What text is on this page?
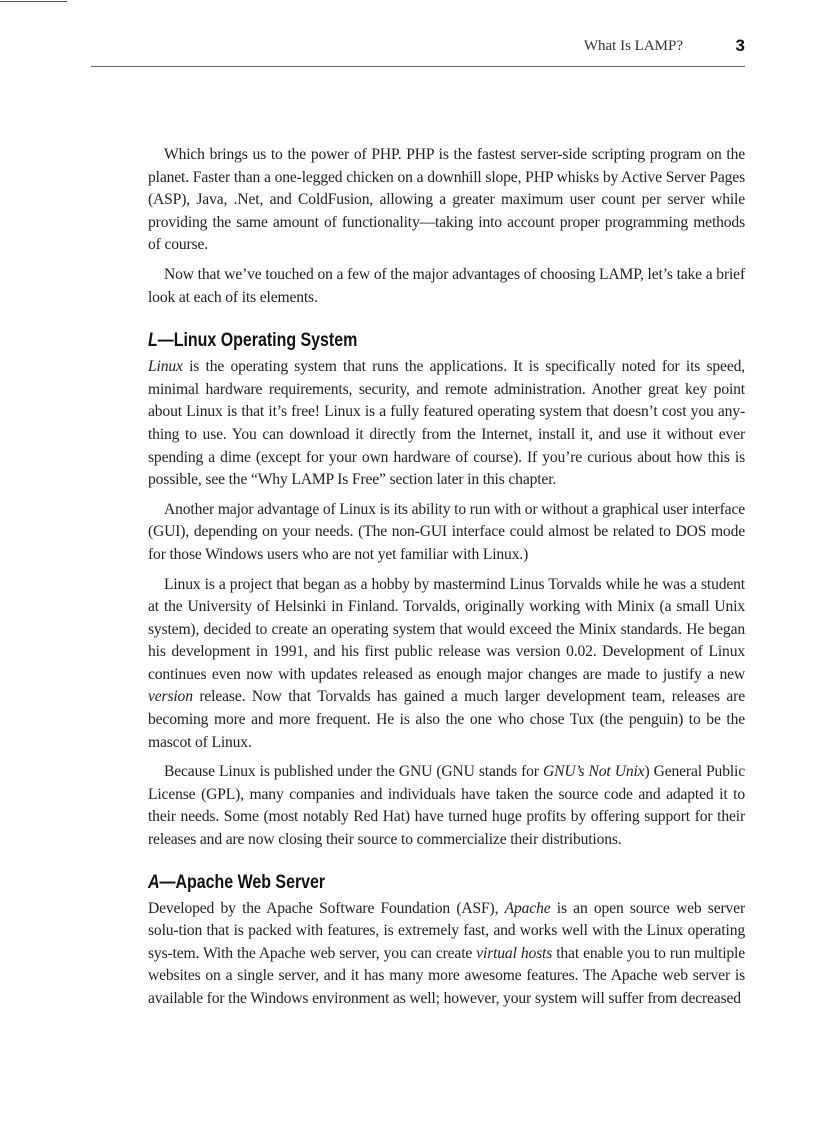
What Is LAMP?	3

Which brings us to the power of PHP. PHP is the fastest server-side scripting program on the planet. Faster than a one-legged chicken on a downhill slope, PHP whisks by Active Server Pages (ASP), Java, .Net, and ColdFusion, allowing a greater maximum user count per server while providing the same amount of functionality—taking into account proper programming methods of course.

Now that we’ve touched on a few of the major advantages of choosing LAMP, let’s take a brief look at each of its elements.

L—Linux Operating System

Linux is the operating system that runs the applications. It is specifically noted for its speed, minimal hardware requirements, security, and remote administration. Another great key point about Linux is that it’s free! Linux is a fully featured operating system that doesn’t cost you any-thing to use. You can download it directly from the Internet, install it, and use it without ever spending a dime (except for your own hardware of course). If you’re curious about how this is possible, see the “Why LAMP Is Free” section later in this chapter.

Another major advantage of Linux is its ability to run with or without a graphical user interface (GUI), depending on your needs. (The non-GUI interface could almost be related to DOS mode for those Windows users who are not yet familiar with Linux.)

Linux is a project that began as a hobby by mastermind Linus Torvalds while he was a student at the University of Helsinki in Finland. Torvalds, originally working with Minix (a small Unix system), decided to create an operating system that would exceed the Minix standards. He began his development in 1991, and his first public release was version 0.02. Development of Linux continues even now with updates released as enough major changes are made to justify a new version release. Now that Torvalds has gained a much larger development team, releases are becoming more and more frequent. He is also the one who chose Tux (the penguin) to be the mascot of Linux.

Because Linux is published under the GNU (GNU stands for GNU’s Not Unix) General Public License (GPL), many companies and individuals have taken the source code and adapted it to their needs. Some (most notably Red Hat) have turned huge profits by offering support for their releases and are now closing their source to commercialize their distributions.

A—Apache Web Server

Developed by the Apache Software Foundation (ASF), Apache is an open source web server solu-tion that is packed with features, is extremely fast, and works well with the Linux operating sys-tem. With the Apache web server, you can create virtual hosts that enable you to run multiple websites on a single server, and it has many more awesome features. The Apache web server is available for the Windows environment as well; however, your system will suffer from decreased
